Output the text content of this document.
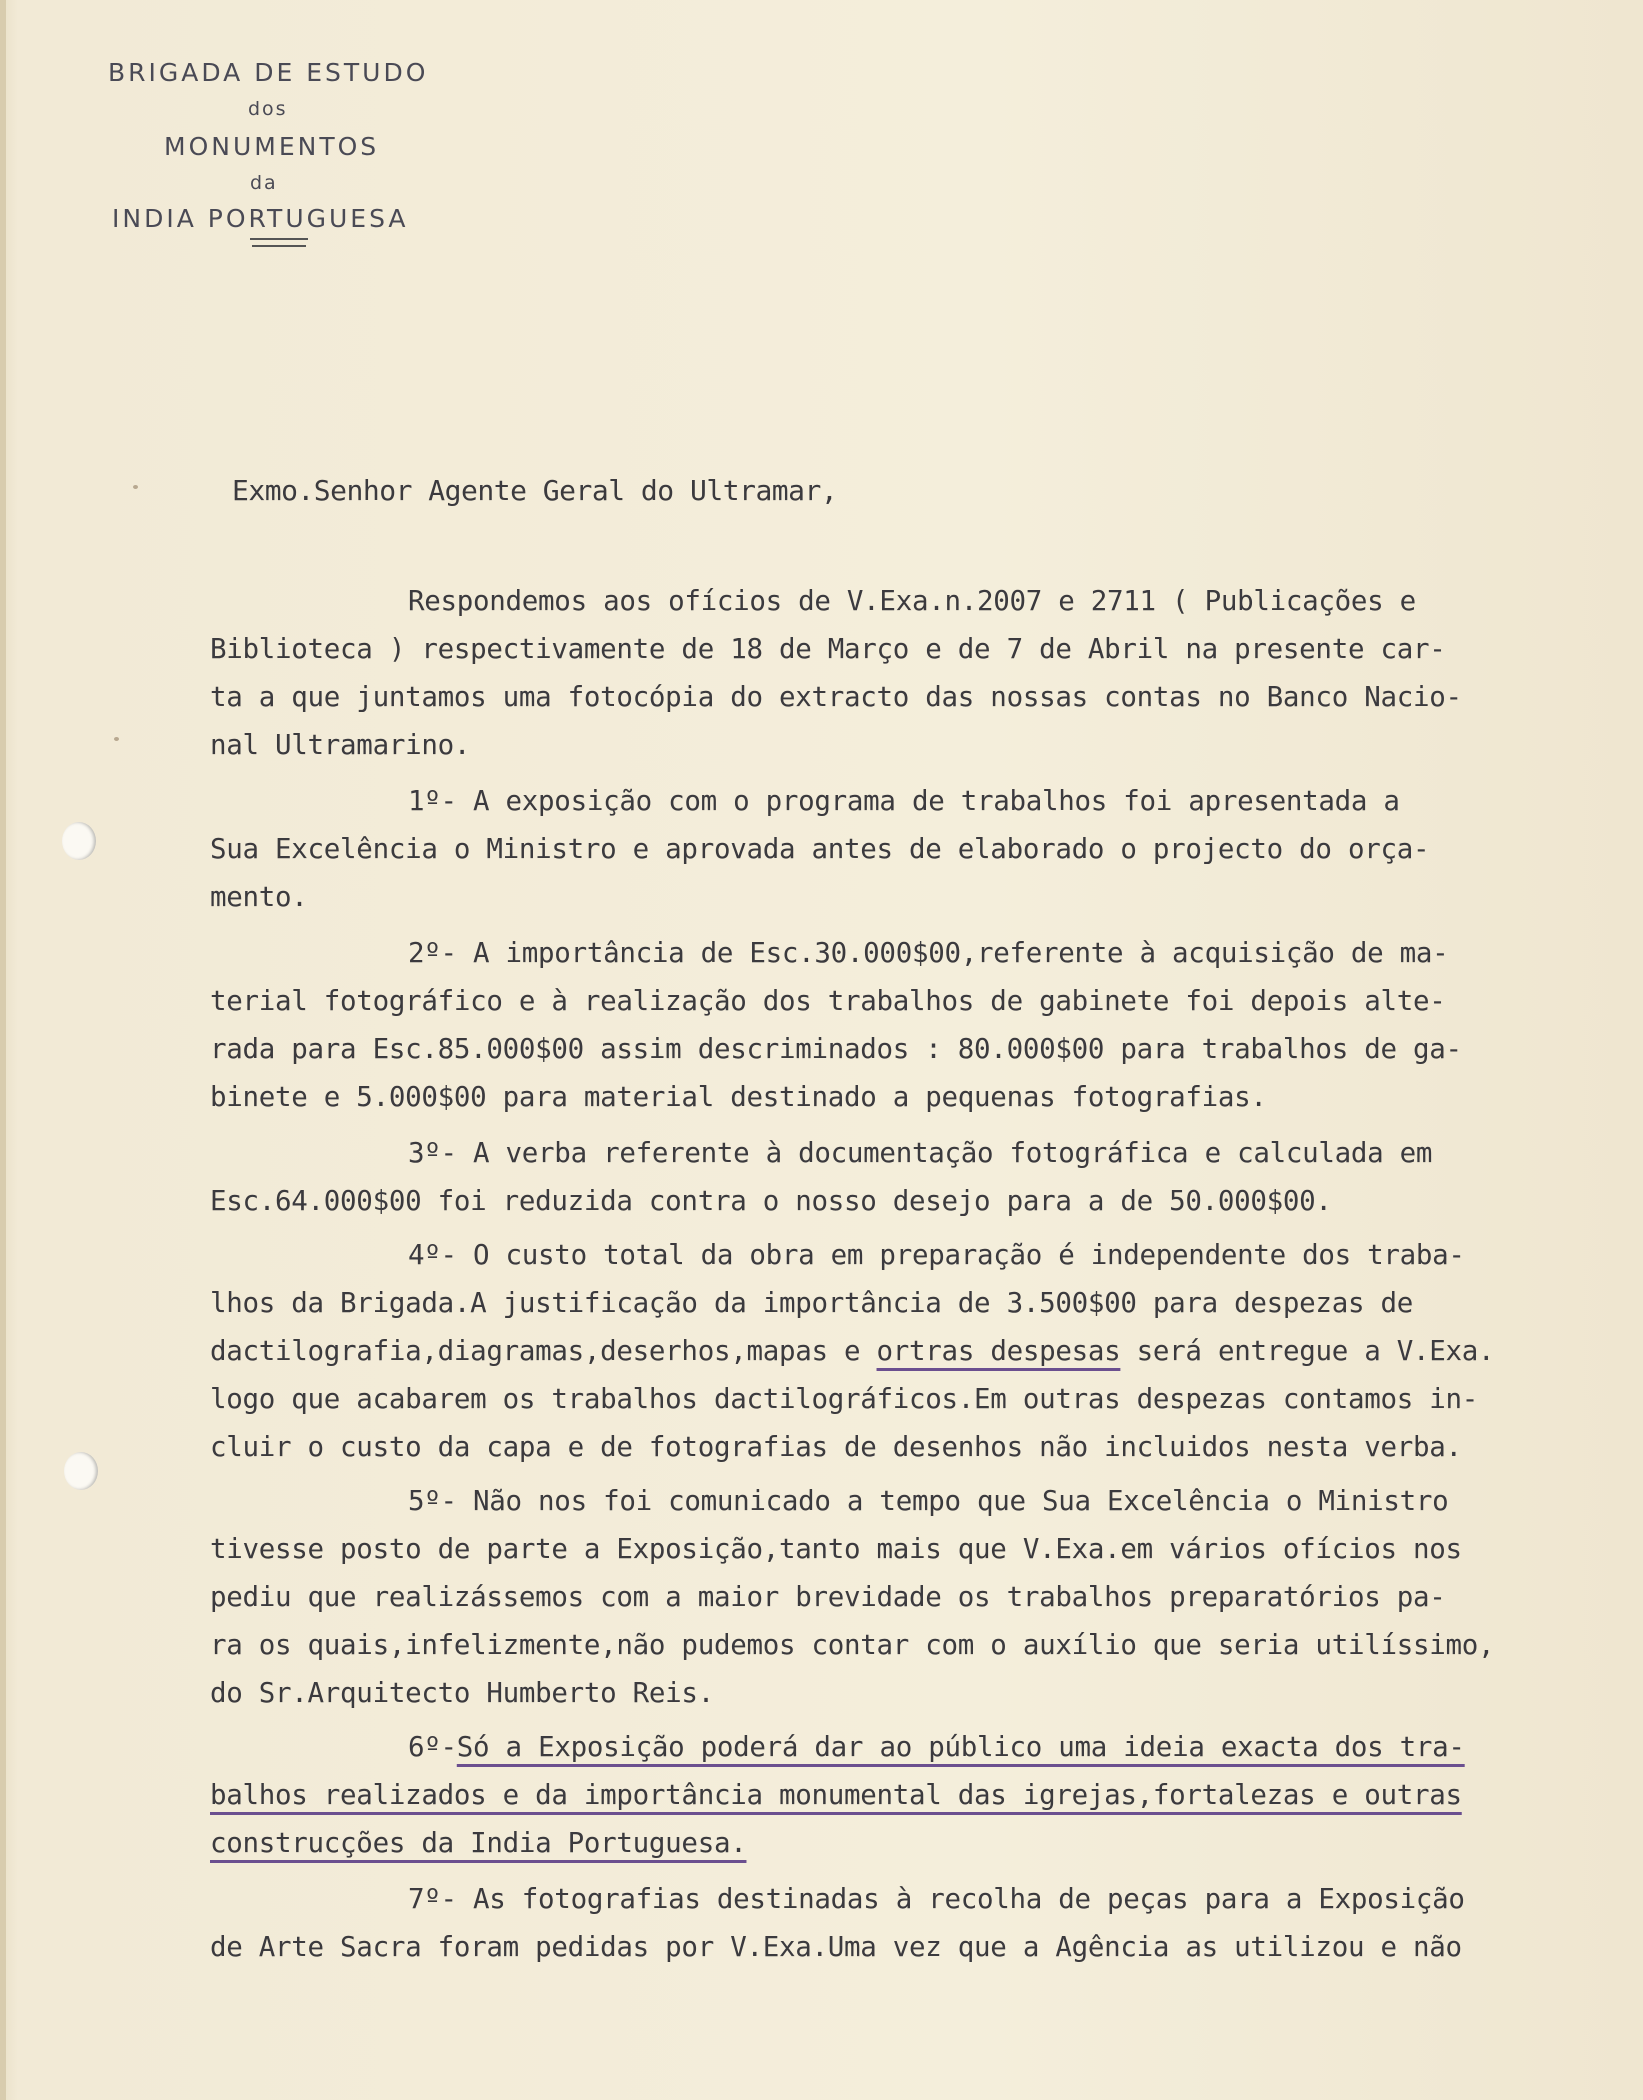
BRIGADA DE ESTUDO
dos
MONUMENTOS
da
INDIA PORTUGUESA
Exmo.Senhor Agente Geral do Ultramar,
Respondemos aos ofícios de V.Exa.n.2007 e 2711 ( Publicações e
Biblioteca ) respectivamente de 18 de Março e de 7 de Abril na presente car-
ta a que juntamos uma fotocópia do extracto das nossas contas no Banco Nacio-
nal Ultramarino.
1º- A exposição com o programa de trabalhos foi apresentada a
Sua Excelência o Ministro e aprovada antes de elaborado o projecto do orça-
mento.
2º- A importância de Esc.30.000$00,referente à acquisição de ma-
terial fotográfico e à realização dos trabalhos de gabinete foi depois alte-
rada para Esc.85.000$00 assim descriminados : 80.000$00 para trabalhos de ga-
binete e 5.000$00 para material destinado a pequenas fotografias.
3º- A verba referente à documentação fotográfica e calculada em
Esc.64.000$00 foi reduzida contra o nosso desejo para a de 50.000$00.
4º- O custo total da obra em preparação é independente dos traba-
lhos da Brigada.A justificação da importância de 3.500$00 para despezas de
dactilografia,diagramas,deserhos,mapas e ortras despesas será entregue a V.Exa.
logo que acabarem os trabalhos dactilográficos.Em outras despezas contamos in-
cluir o custo da capa e de fotografias de desenhos não incluidos nesta verba.
5º- Não nos foi comunicado a tempo que Sua Excelência o Ministro
tivesse posto de parte a Exposição,tanto mais que V.Exa.em vários ofícios nos
pediu que realizássemos com a maior brevidade os trabalhos preparatórios pa-
ra os quais,infelizmente,não pudemos contar com o auxílio que seria utilíssimo,
do Sr.Arquitecto Humberto Reis.
6º-Só a Exposição poderá dar ao público uma ideia exacta dos tra-
balhos realizados e da importância monumental das igrejas,fortalezas e outras
construcções da India Portuguesa.
7º- As fotografias destinadas à recolha de peças para a Exposição
de Arte Sacra foram pedidas por V.Exa.Uma vez que a Agência as utilizou e não
